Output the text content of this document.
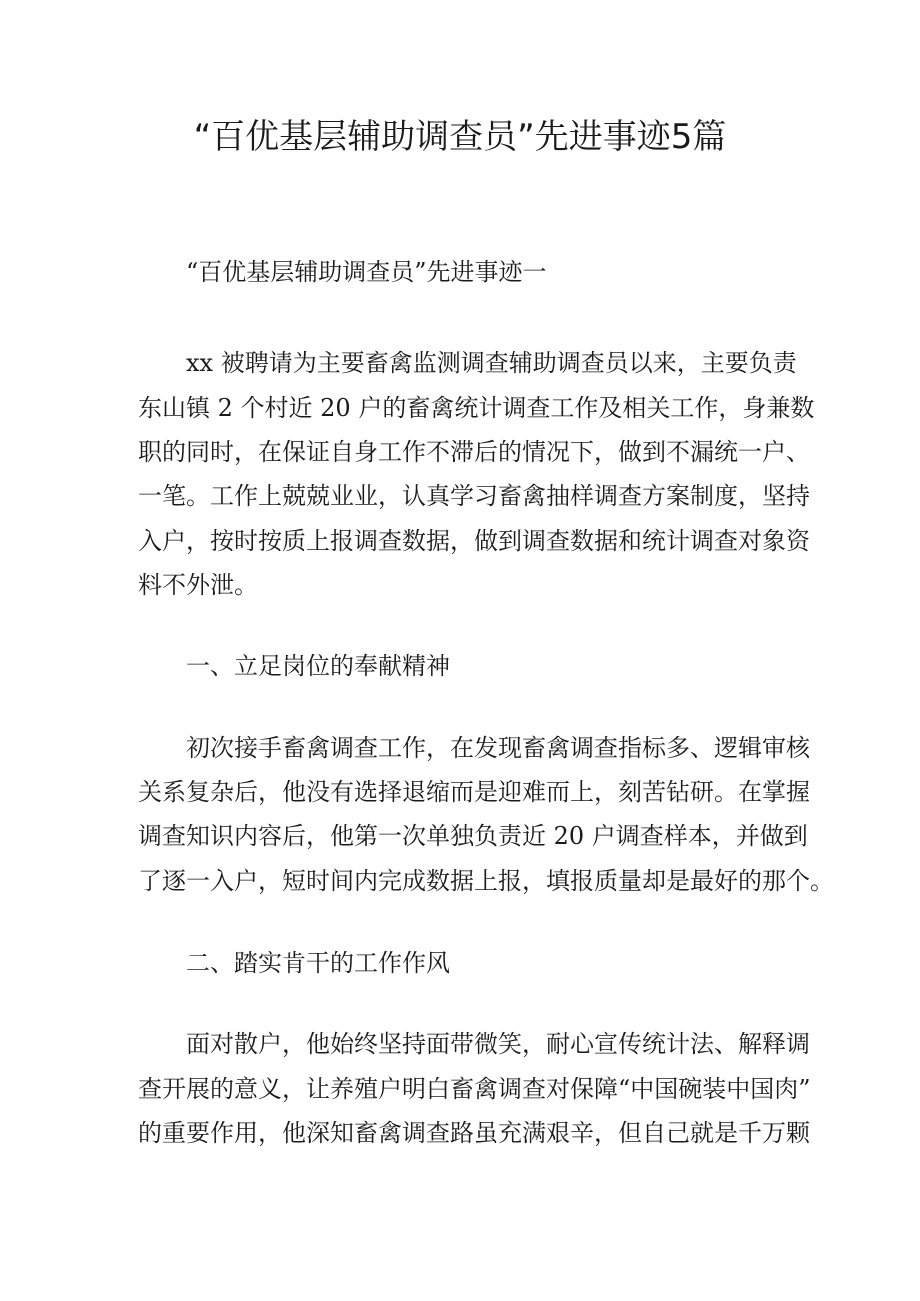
“百优基层辅助调查员”先进事迹5篇
“百优基层辅助调查员”先进事迹一
xx 被聘请为主要畜禽监测调查辅助调查员以来，主要负责
东山镇 2 个村近 20 户的畜禽统计调查工作及相关工作，身兼数
职的同时，在保证自身工作不滞后的情况下，做到不漏统一户、
一笔。工作上兢兢业业，认真学习畜禽抽样调查方案制度，坚持
入户，按时按质上报调查数据，做到调查数据和统计调查对象资
料不外泄。
一、立足岗位的奉献精神
初次接手畜禽调查工作，在发现畜禽调查指标多、逻辑审核
关系复杂后，他没有选择退缩而是迎难而上，刻苦钻研。在掌握
调查知识内容后，他第一次单独负责近 20 户调查样本，并做到
了逐一入户，短时间内完成数据上报，填报质量却是最好的那个。
二、踏实肯干的工作作风
面对散户，他始终坚持面带微笑，耐心宣传统计法、解释调
查开展的意义，让养殖户明白畜禽调查对保障“中国碗装中国肉”
的重要作用，他深知畜禽调查路虽充满艰辛，但自己就是千万颗
